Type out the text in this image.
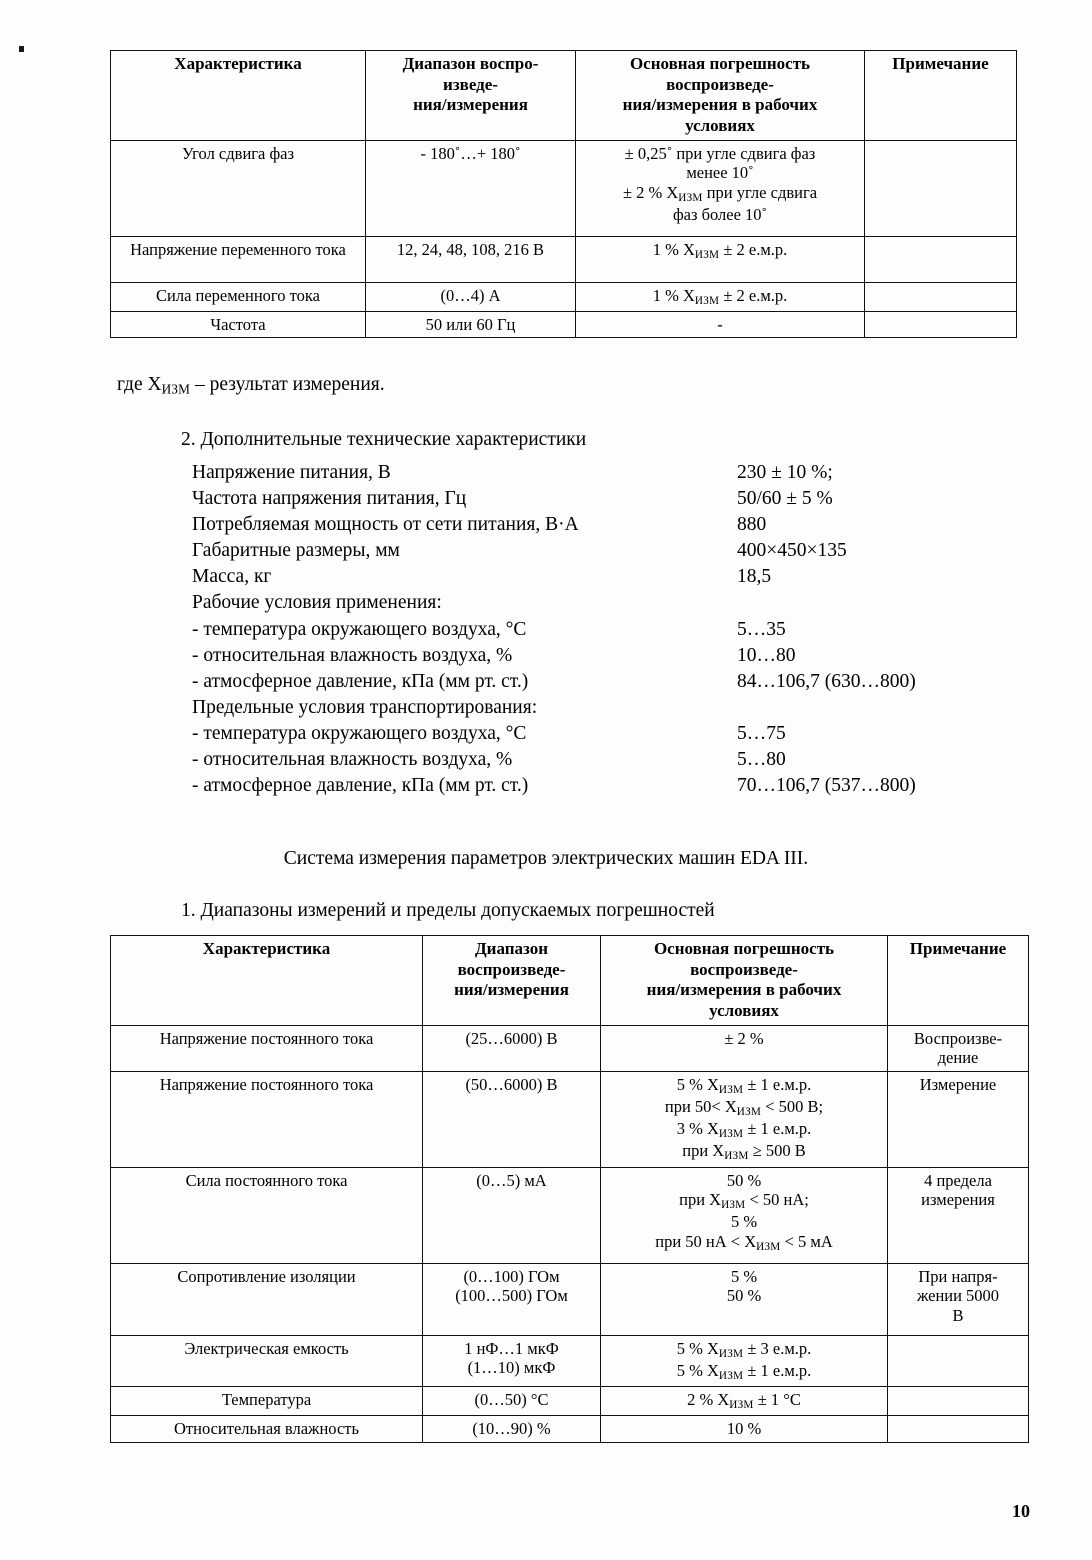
Характеристика	Диапазон воспро-
изведе-
ния/измерения	Основная погрешность
воспроизведе-
ния/измерения в рабочих
условиях	Примечание
Угол сдвига фаз	- 180˚…+ 180˚	± 0,25˚ при угле сдвига фаз
менее 10˚
± 2 % $Х_{ИЗМ}$ при угле сдвига
фаз более 10˚	

Напряжение переменного тока	12, 24, 48, 108, 216 В	1 % $Х_{ИЗМ} \pm 2$ е.м.р.	
Сила переменного тока	(0…4) А	1 % $Х_{ИЗМ} \pm 2$ е.м.р.	
Частота	50 или 60 Гц	-	
где $Х_{ИЗМ}$ – результат измерения.
2. Дополнительные технические характеристики
Напряжение питания, В	230 ± 10 %;
Частота напряжения питания, Гц	50/60 ± 5 %
Потребляемая мощность от сети питания, В·А	880
Габаритные размеры, мм	400×450×135
Масса, кг	18,5
Рабочие условия применения:
- температура окружающего воздуха, °С	5…35
- относительная влажность воздуха, %	10…80
- атмосферное давление, кПа (мм рт. ст.)	84…106,7 (630…800)
Предельные условия транспортирования:
- температура окружающего воздуха, °С	5…75
- относительная влажность воздуха, %	5…80
- атмосферное давление, кПа (мм рт. ст.)	70…106,7 (537…800)
Система измерения параметров электрических машин EDA III.
1. Диапазоны измерений и пределы допускаемых погрешностей
Характеристика	Диапазон
воспроизведе-
ния/измерения	Основная погрешность
воспроизведе-
ния/измерения в рабочих
условиях	Примечание
Напряжение постоянного тока	(25…6000) В	± 2 %	Воспроизве-
дение

Напряжение постоянного тока	(50…6000) В	5 % $Х_{ИЗМ} \pm 1$ е.м.р.
при $50< Х_{ИЗМ} < 500$ В;
3 % $Х_{ИЗМ} \pm 1$ е.м.р.
при $Х_{ИЗМ} \ge 500$ В	Измерение
Сила постоянного тока	(0…5) мА	50 %
при $Х_{ИЗМ} < 50$ нА;
5 %
при 50 нА < $Х_{ИЗМ} < 5$ мА	4 предела
измерения

Сопротивление изоляции	(0…100) ГОм
(100…500) ГОм	5 %
50 %	При напря-
жении 5000
В

Электрическая емкость	1 нФ…1 мкФ
(1…10) мкФ	5 % $Х_{ИЗМ} \pm 3$ е.м.р.
5 % $Х_{ИЗМ} \pm 1$ е.м.р.	

Температура	(0…50) °С	2 % $Х_{ИЗМ} \pm 1$ °С	
Относительная влажность	(10…90) %	10 %	
10
